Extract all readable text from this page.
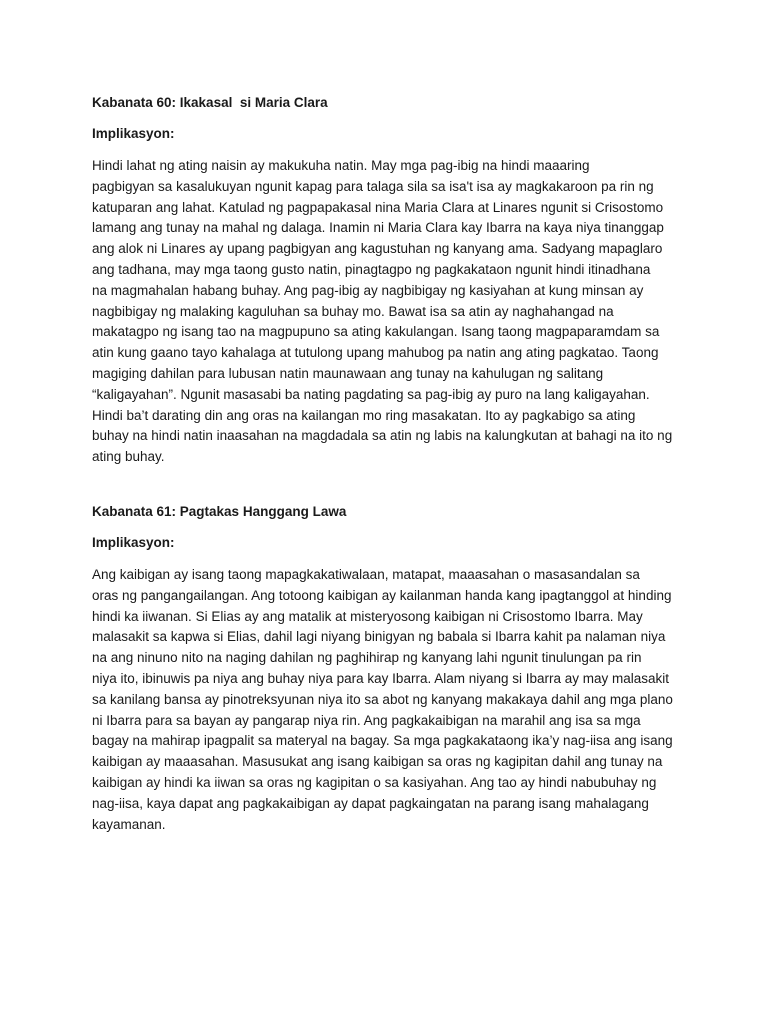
Kabanata 60: Ikakasal  si Maria Clara

Implikasyon:

Hindi lahat ng ating naisin ay makukuha natin. May mga pag-ibig na hindi maaaring
pagbigyan sa kasalukuyan ngunit kapag para talaga sila sa isa't isa ay magkakaroon pa rin ng
katuparan ang lahat. Katulad ng pagpapakasal nina Maria Clara at Linares ngunit si Crisostomo
lamang ang tunay na mahal ng dalaga. Inamin ni Maria Clara kay Ibarra na kaya niya tinanggap
ang alok ni Linares ay upang pagbigyan ang kagustuhan ng kanyang ama. Sadyang mapaglaro
ang tadhana, may mga taong gusto natin, pinagtagpo ng pagkakataon ngunit hindi itinadhana
na magmahalan habang buhay. Ang pag-ibig ay nagbibigay ng kasiyahan at kung minsan ay
nagbibigay ng malaking kaguluhan sa buhay mo. Bawat isa sa atin ay naghahangad na
makatagpo ng isang tao na magpupuno sa ating kakulangan. Isang taong magpaparamdam sa
atin kung gaano tayo kahalaga at tutulong upang mahubog pa natin ang ating pagkatao. Taong
magiging dahilan para lubusan natin maunawaan ang tunay na kahulugan ng salitang
“kaligayahan”. Ngunit masasabi ba nating pagdating sa pag-ibig ay puro na lang kaligayahan.
Hindi ba’t darating din ang oras na kailangan mo ring masakatan. Ito ay pagkabigo sa ating
buhay na hindi natin inaasahan na magdadala sa atin ng labis na kalungkutan at bahagi na ito ng
ating buhay.

Kabanata 61: Pagtakas Hanggang Lawa

Implikasyon:

Ang kaibigan ay isang taong mapagkakatiwalaan, matapat, maaasahan o masasandalan sa
oras ng pangangailangan. Ang totoong kaibigan ay kailanman handa kang ipagtanggol at hinding
hindi ka iiwanan. Si Elias ay ang matalik at misteryosong kaibigan ni Crisostomo Ibarra. May
malasakit sa kapwa si Elias, dahil lagi niyang binigyan ng babala si Ibarra kahit pa nalaman niya
na ang ninuno nito na naging dahilan ng paghihirap ng kanyang lahi ngunit tinulungan pa rin
niya ito, ibinuwis pa niya ang buhay niya para kay Ibarra. Alam niyang si Ibarra ay may malasakit
sa kanilang bansa ay pinotreksyunan niya ito sa abot ng kanyang makakaya dahil ang mga plano
ni Ibarra para sa bayan ay pangarap niya rin. Ang pagkakaibigan na marahil ang isa sa mga
bagay na mahirap ipagpalit sa materyal na bagay. Sa mga pagkakataong ika’y nag-iisa ang isang
kaibigan ay maaasahan. Masusukat ang isang kaibigan sa oras ng kagipitan dahil ang tunay na
kaibigan ay hindi ka iiwan sa oras ng kagipitan o sa kasiyahan. Ang tao ay hindi nabubuhay ng
nag-iisa, kaya dapat ang pagkakaibigan ay dapat pagkaingatan na parang isang mahalagang
kayamanan.
